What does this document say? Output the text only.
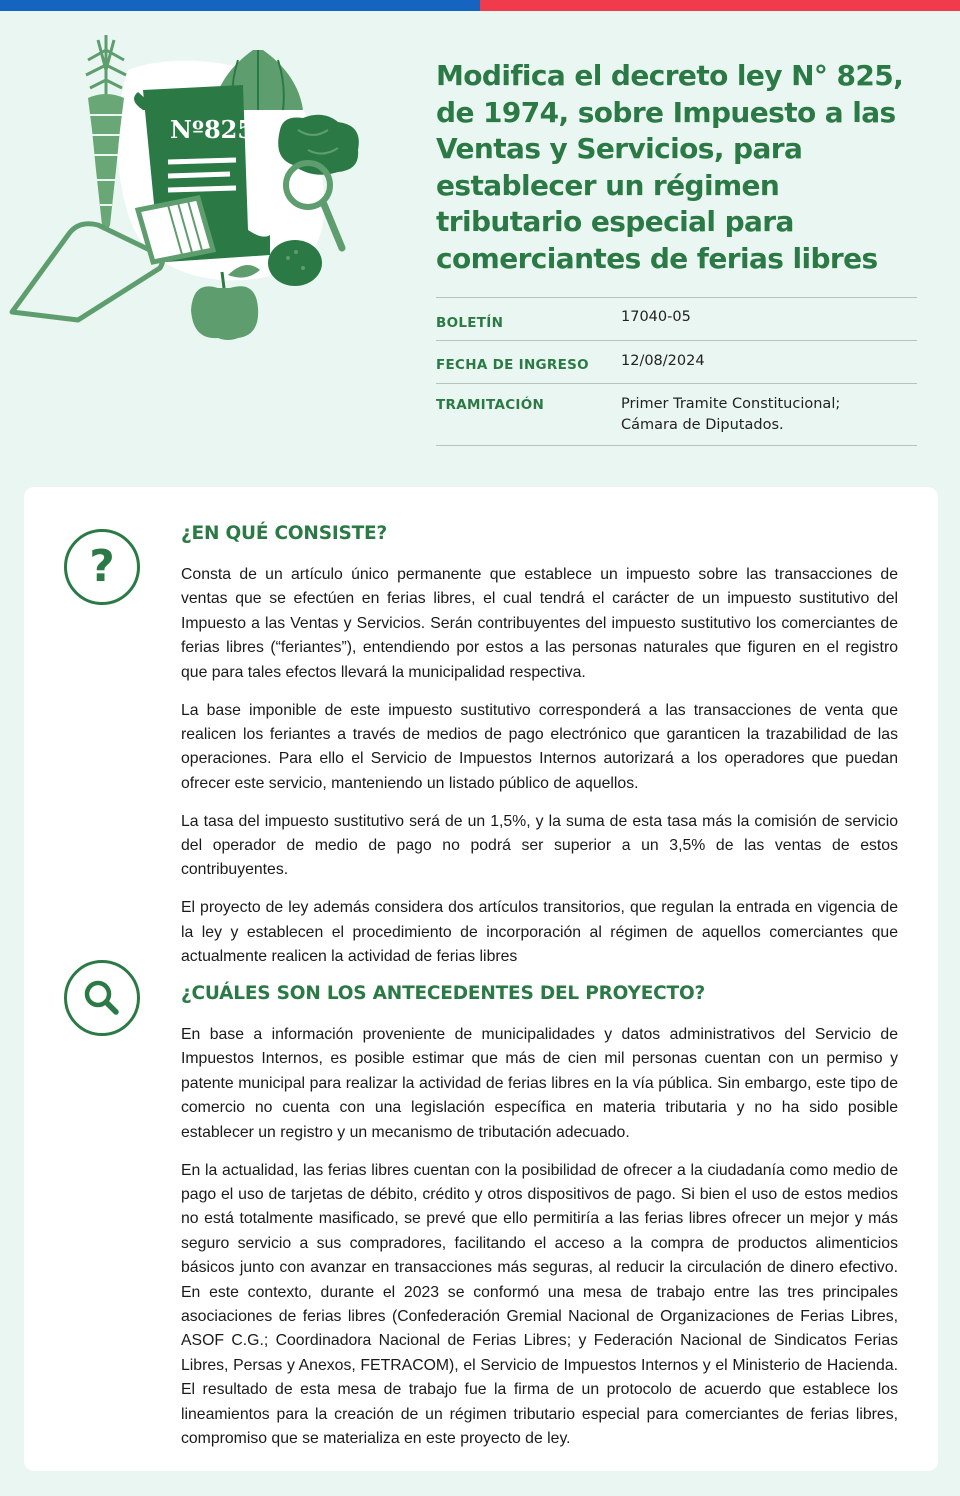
Nº825
Modifica el decreto ley N° 825, de 1974, sobre Impuesto a las Ventas y Servicios, para establecer un régimen tributario especial para comerciantes de ferias libres
BOLETÍN	17040-05
FECHA DE INGRESO	12/08/2024
TRAMITACIÓN	Primer Tramite Constitucional;
Cámara de Diputados.
?
¿EN QUÉ CONSISTE?

Consta de un artículo único permanente que establece un impuesto sobre las transacciones de ventas que se efectúen en ferias libres, el cual tendrá el carácter de un impuesto sustitutivo del Impuesto a las Ventas y Servicios. Serán contribuyentes del impuesto sustitutivo los comerciantes de ferias libres (“feriantes”), entendiendo por estos a las personas naturales que figuren en el registro que para tales efectos llevará la municipalidad respectiva.

La base imponible de este impuesto sustitutivo corresponderá a las transacciones de venta que realicen los feriantes a través de medios de pago electrónico que garanticen la trazabilidad de las operaciones. Para ello el Servicio de Impuestos Internos autorizará a los operadores que puedan ofrecer este servicio, manteniendo un listado público de aquellos.

La tasa del impuesto sustitutivo será de un 1,5%, y la suma de esta tasa más la comisión de servicio del operador de medio de pago no podrá ser superior a un 3,5% de las ventas de estos contribuyentes.

El proyecto de ley además considera dos artículos transitorios, que regulan la entrada en vigencia de la ley y establecen el procedimiento de incorporación al régimen de aquellos comerciantes que actualmente realicen la actividad de ferias libres

¿CUÁLES SON LOS ANTECEDENTES DEL PROYECTO?

En base a información proveniente de municipalidades y datos administrativos del Servicio de Impuestos Internos, es posible estimar que más de cien mil personas cuentan con un permiso y patente municipal para realizar la actividad de ferias libres en la vía pública. Sin embargo, este tipo de comercio no cuenta con una legislación específica en materia tributaria y no ha sido posible establecer un registro y un mecanismo de tributación adecuado.

En la actualidad, las ferias libres cuentan con la posibilidad de ofrecer a la ciudadanía como medio de pago el uso de tarjetas de débito, crédito y otros dispositivos de pago. Si bien el uso de estos medios no está totalmente masificado, se prevé que ello permitiría a las ferias libres ofrecer un mejor y más seguro servicio a sus compradores, facilitando el acceso a la compra de productos alimenticios básicos junto con avanzar en transacciones más seguras, al reducir la circulación de dinero efectivo. En este contexto, durante el 2023 se conformó una mesa de trabajo entre las tres principales asociaciones de ferias libres (Confederación Gremial Nacional de Organizaciones de Ferias Libres, ASOF C.G.; Coordinadora Nacional de Ferias Libres; y Federación Nacional de Sindicatos Ferias Libres, Persas y Anexos, FETRACOM), el Servicio de Impuestos Internos y el Ministerio de Hacienda. El resultado de esta mesa de trabajo fue la firma de un protocolo de acuerdo que establece los lineamientos para la creación de un régimen tributario especial para comerciantes de ferias libres, compromiso que se materializa en este proyecto de ley.
